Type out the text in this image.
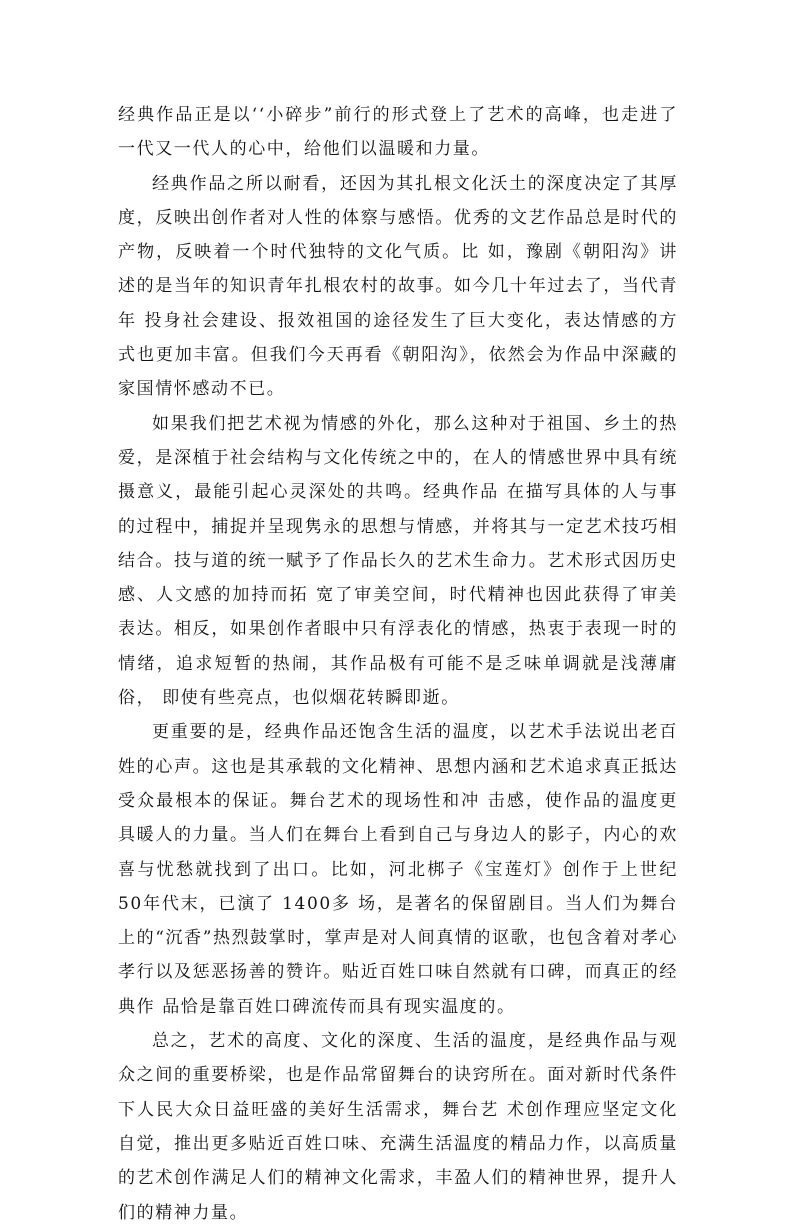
经典作品正是以‘‘小碎步”前行的形式登上了艺术的高峰，也走进了一代又一代人的心中，给他们以温暖和力量。

经典作品之所以耐看，还因为其扎根文化沃土的深度决定了其厚度，反映出创作者对人性的体察与感悟。优秀的文艺作品总是时代的产物，反映着一个时代独特的文化气质。比 如，豫剧《朝阳沟》讲述的是当年的知识青年扎根农村的故事。如今几十年过去了，当代青年 投身社会建设、报效祖国的途径发生了巨大变化，表达情感的方式也更加丰富。但我们今天再看《朝阳沟》，依然会为作品中深藏的家国情怀感动不已。

如果我们把艺术视为情感的外化，那么这种对于祖国、乡土的热爱，是深植于社会结构与文化传统之中的，在人的情感世界中具有统摄意义，最能引起心灵深处的共鸣。经典作品 在描写具体的人与事的过程中，捕捉并呈现隽永的思想与情感，并将其与一定艺术技巧相结合。技与道的统一赋予了作品长久的艺术生命力。艺术形式因历史感、人文感的加持而拓 宽了审美空间，时代精神也因此获得了审美表达。相反，如果创作者眼中只有浮表化的情感，热衷于表现一时的情绪，追求短暂的热闹，其作品极有可能不是乏味单调就是浅薄庸俗， 即使有些亮点，也似烟花转瞬即逝。

更重要的是，经典作品还饱含生活的温度，以艺术手法说出老百姓的心声。这也是其承载的文化精神、思想内涵和艺术追求真正抵达受众最根本的保证。舞台艺术的现场性和冲 击感，使作品的温度更具暖人的力量。当人们在舞台上看到自己与身边人的影子，内心的欢喜与忧愁就找到了出口。比如，河北梆子《宝莲灯》创作于上世纪50年代末，已演了 1400多 场，是著名的保留剧目。当人们为舞台上的“沉香”热烈鼓掌时，掌声是对人间真情的讴歌，也包含着对孝心孝行以及惩恶扬善的赞许。贴近百姓口味自然就有口碑，而真正的经典作 品恰是靠百姓口碑流传而具有现实温度的。

总之，艺术的高度、文化的深度、生活的温度，是经典作品与观众之间的重要桥梁，也是作品常留舞台的诀窍所在。面对新时代条件下人民大众日益旺盛的美好生活需求，舞台艺 术创作理应坚定文化自觉，推出更多贴近百姓口味、充满生活温度的精品力作，以高质量的艺术创作满足人们的精神文化需求，丰盈人们的精神世界，提升人们的精神力量。
